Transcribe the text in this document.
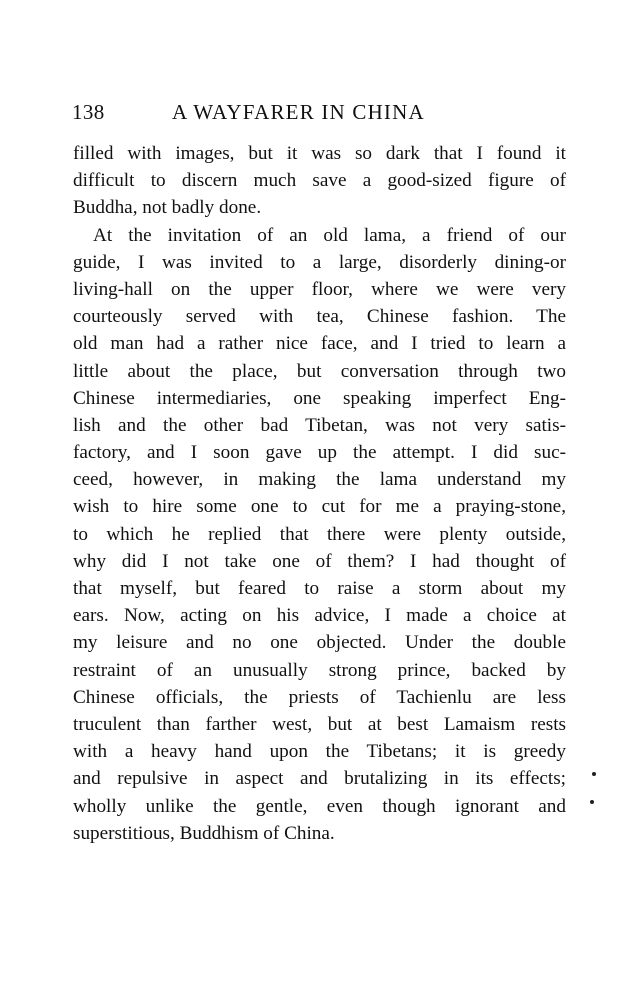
138	A WAYFARER IN CHINA
filled with images, but it was so dark that I found it
difficult to discern much save a good-sized figure of
Buddha, not badly done.
At the invitation of an old lama, a friend of our
guide, I was invited to a large, disorderly dining-or
living-hall on the upper floor, where we were very
courteously served with tea, Chinese fashion. The
old man had a rather nice face, and I tried to learn a
little about the place, but conversation through two
Chinese intermediaries, one speaking imperfect Eng-
lish and the other bad Tibetan, was not very satis-
factory, and I soon gave up the attempt. I did suc-
ceed, however, in making the lama understand my
wish to hire some one to cut for me a praying-stone,
to which he replied that there were plenty outside,
why did I not take one of them? I had thought of
that myself, but feared to raise a storm about my
ears. Now, acting on his advice, I made a choice at
my leisure and no one objected. Under the double
restraint of an unusually strong prince, backed by
Chinese officials, the priests of Tachienlu are less
truculent than farther west, but at best Lamaism rests
with a heavy hand upon the Tibetans; it is greedy
and repulsive in aspect and brutalizing in its effects;
wholly unlike the gentle, even though ignorant and
superstitious, Buddhism of China.
